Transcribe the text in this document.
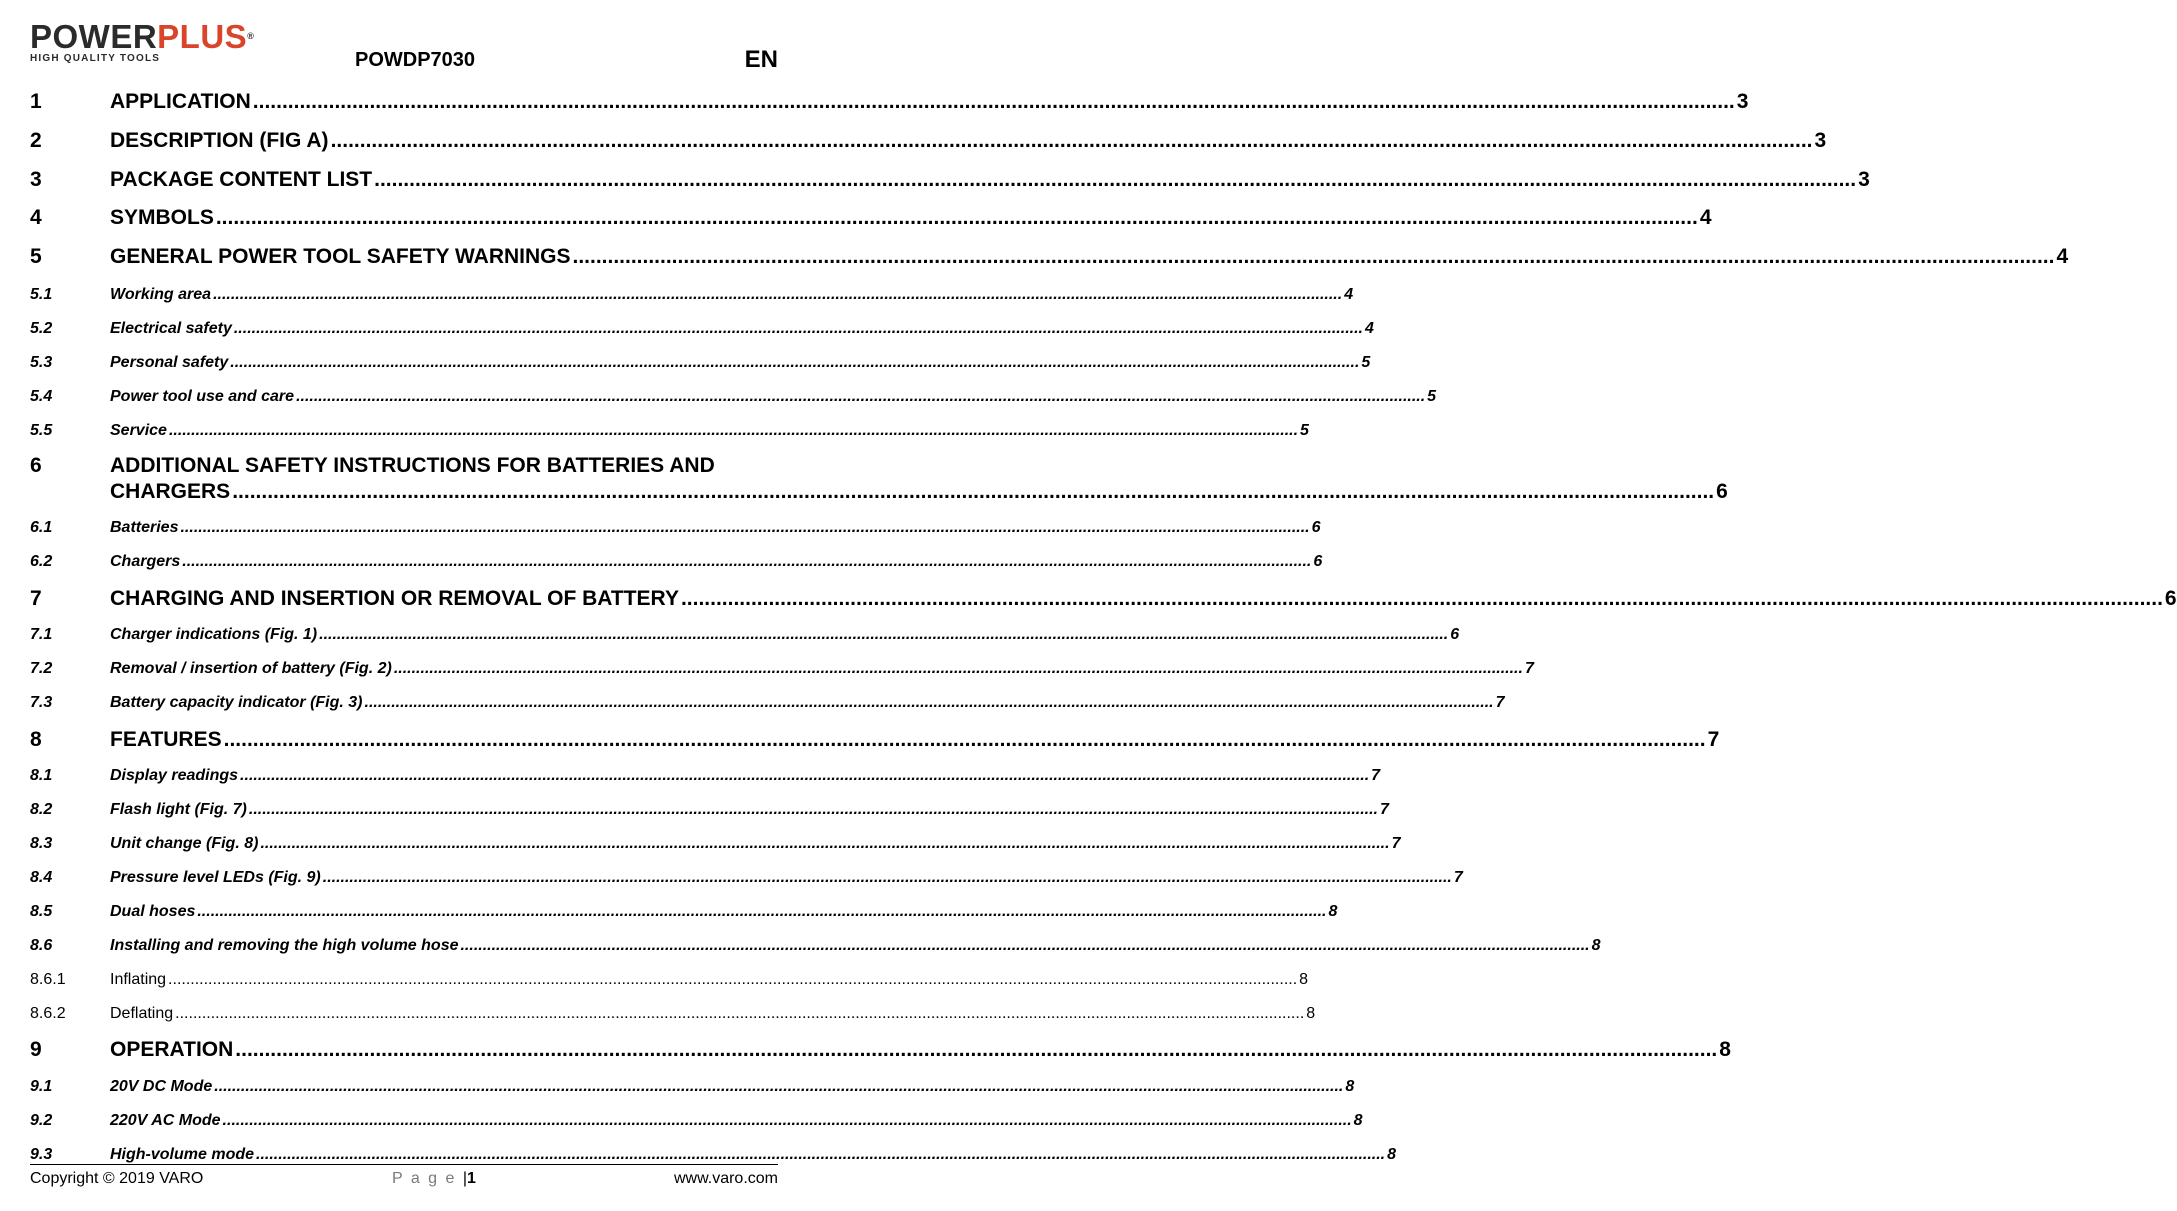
POWERPLUS®
HIGH QUALITY TOOLS	POWDP7030	EN
1	APPLICATION .....	3
2	DESCRIPTION (FIG A) .....	3
3	PACKAGE CONTENT LIST .....	3
4	SYMBOLS .....	4
5	GENERAL POWER TOOL SAFETY WARNINGS .....	4
5.1	Working area .....	4
5.2	Electrical safety .....	4
5.3	Personal safety .....	5
5.4	Power tool use and care .....	5
5.5	Service .....	5
6	ADDITIONAL SAFETY INSTRUCTIONS FOR BATTERIES AND
CHARGERS .....	6
6.1	Batteries .....	6
6.2	Chargers .....	6
7	CHARGING AND INSERTION OR REMOVAL OF BATTERY .....	6
7.1	Charger indications (Fig. 1) .....	6
7.2	Removal / insertion of battery (Fig. 2) .....	7
7.3	Battery capacity indicator (Fig. 3) .....	7
8	FEATURES .....	7
8.1	Display readings .....	7
8.2	Flash light (Fig. 7) .....	7
8.3	Unit change (Fig. 8) .....	7
8.4	Pressure level LEDs (Fig. 9) .....	7
8.5	Dual hoses .....	8
8.6	Installing and removing the high volume hose .....	8
8.6.1	Inflating .....	8
8.6.2	Deflating .....	8
9	OPERATION .....	8
9.1	20V DC Mode .....	8
9.2	220V AC Mode .....	8
9.3	High-volume mode .....	8
Copyright © 2019 VARO	P a g e |1	www.varo.com
